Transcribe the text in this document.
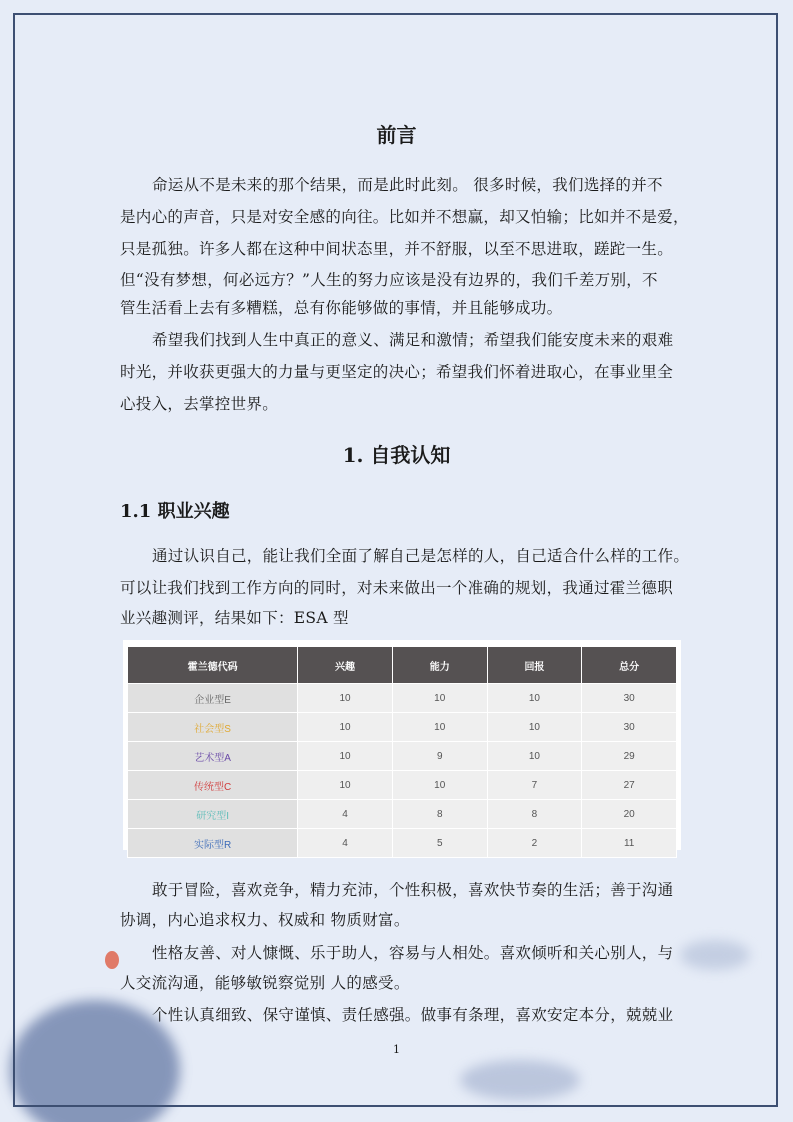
前言
命运从不是未来的那个结果，而是此时此刻。 很多时候，我们选择的并不
是内心的声音，只是对安全感的向往。比如并不想赢，却又怕输；比如并不是爱，
只是孤独。许多人都在这种中间状态里，并不舒服，以至不思进取，蹉跎一生。
但“没有梦想，何必远方？”人生的努力应该是没有边界的，我们千差万别，不
管生活看上去有多糟糕，总有你能够做的事情，并且能够成功。
希望我们找到人生中真正的意义、满足和激情；希望我们能安度未来的艰难
时光，并收获更强大的力量与更坚定的决心；希望我们怀着进取心，在事业里全
心投入，去掌控世界。
1. 自我认知
1.1 职业兴趣
通过认识自己，能让我们全面了解自己是怎样的人，自己适合什么样的工作。
可以让我们找到工作方向的同时，对未来做出一个准确的规划，我通过霍兰德职
业兴趣测评，结果如下：ESA 型
霍兰德代码	兴趣	能力	回报	总分
企业型E	10	10	10	30
社会型S	10	10	10	30
艺术型A	10	9	10	29
传统型C	10	10	7	27
研究型I	4	8	8	20
实际型R	4	5	2	11
敢于冒险，喜欢竞争，精力充沛，个性积极，喜欢快节奏的生活；善于沟通
协调，内心追求权力、权威和 物质财富。
性格友善、对人慷慨、乐于助人，容易与人相处。喜欢倾听和关心别人，与
人交流沟通，能够敏锐察觉别 人的感受。
个性认真细致、保守谨慎、责任感强。做事有条理，喜欢安定本分，兢兢业
1
